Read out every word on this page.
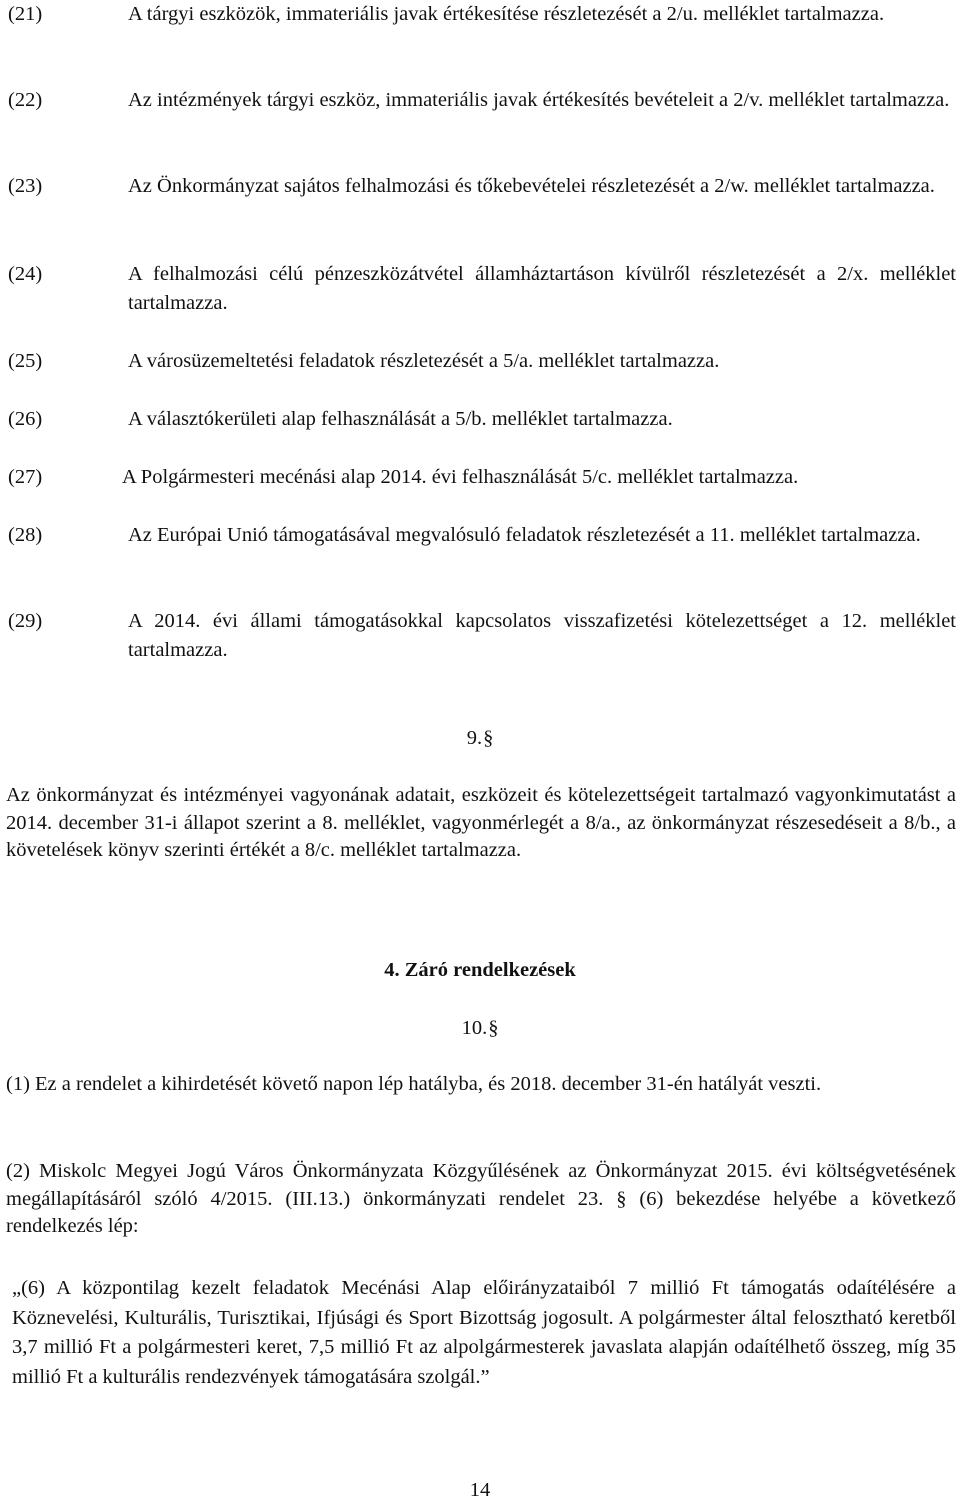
(21)	A tárgyi eszközök, immateriális javak értékesítése részletezését a 2/u. melléklet tartalmazza.
(22)	Az intézmények tárgyi eszköz, immateriális javak értékesítés bevételeit a 2/v. melléklet tartalmazza.
(23)	Az Önkormányzat sajátos felhalmozási és tőkebevételei részletezését a 2/w. melléklet tartalmazza.
(24)	A felhalmozási célú pénzeszközátvétel államháztartáson kívülről részletezését a 2/x. melléklet tartalmazza.
(25)	A városüzemeltetési feladatok részletezését a 5/a. melléklet tartalmazza.
(26)	A választókerületi alap felhasználását a 5/b. melléklet tartalmazza.
(27)	A Polgármesteri mecénási alap 2014. évi felhasználását 5/c. melléklet tartalmazza.
(28)	Az Európai Unió támogatásával megvalósuló feladatok részletezését a 11. melléklet tartalmazza.
(29)	A 2014. évi állami támogatásokkal kapcsolatos visszafizetési kötelezettséget a 12. melléklet tartalmazza.
9.§
Az önkormányzat és intézményei vagyonának adatait, eszközeit és kötelezettségeit tartalmazó vagyonkimutatást a 2014. december 31-i állapot szerint a 8. melléklet, vagyonmérlegét a 8/a., az önkormányzat részesedéseit a 8/b., a követelések könyv szerinti értékét a 8/c. melléklet tartalmazza.
4. Záró rendelkezések
10.§
(1) Ez a rendelet a kihirdetését követő napon lép hatályba, és 2018. december 31-én hatályát veszti.
(2) Miskolc Megyei Jogú Város Önkormányzata Közgyűlésének az Önkormányzat 2015. évi költségvetésének megállapításáról szóló 4/2015. (III.13.) önkormányzati rendelet 23. § (6) bekezdése helyébe a következő rendelkezés lép:
„(6) A központilag kezelt feladatok Mecénási Alap előirányzataiból 7 millió Ft támogatás odaítélésére a Köznevelési, Kulturális, Turisztikai, Ifjúsági és Sport Bizottság jogosult. A polgármester által felosztható keretből 3,7 millió Ft a polgármesteri keret, 7,5 millió Ft az alpolgármesterek javaslata alapján odaítélhető összeg, míg 35 millió Ft a kulturális rendezvények támogatására szolgál.”
14
